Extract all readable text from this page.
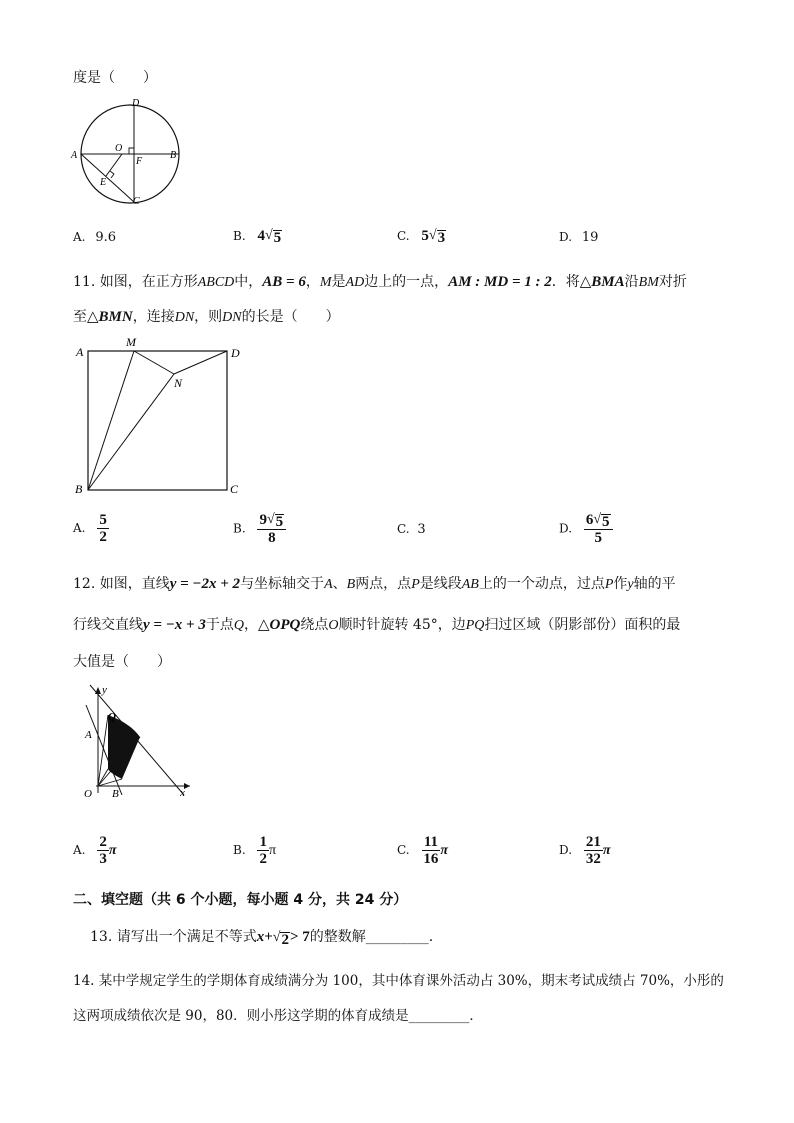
度是（　　）
D
O
A
F
B
E
C
A. 9.6	B. 4 √ 5	C. 5 √ 3	D. 19
11. 如图，在正方形ABCD中，AB = 6，M是AD边上的一点，AM : MD = 1 : 2．将△BMA沿BM对折
至△BMN，连接DN，则DN的长是（　　）
A
M
D
N
B	C
A. $\frac{5}{2}$	B. $\frac{9 √ 5}{8}$	C. 3	D. $\frac{6 √ 5}{5}$
12. 如图，直线y = −2x + 2与坐标轴交于A、B两点，点P是线段AB上的一个动点，过点P作y轴的平
行线交直线y = −x + 3于点Q，△OPQ绕点O顺时针旋转 45°，边PQ扫过区域（阴影部份）面积的最
大值是（　　）
y
Q
A
O B	x
A. $\frac{2}{3}$ π	B. $\frac{1}{2}$ π	C. $\frac{11}{16}$ π	D. $\frac{21}{32}$ π
二、填空题（共 6 个小题，每小题 4 分，共 24 分）
13. 请写出一个满足不等式x+ √ 2 > 7的整数解_________.
14. 某中学规定学生的学期体育成绩满分为 100，其中体育课外活动占 30%，期末考试成绩占 70%，小彤的
这两项成绩依次是 90，80．则小彤这学期的体育成绩是_________．
